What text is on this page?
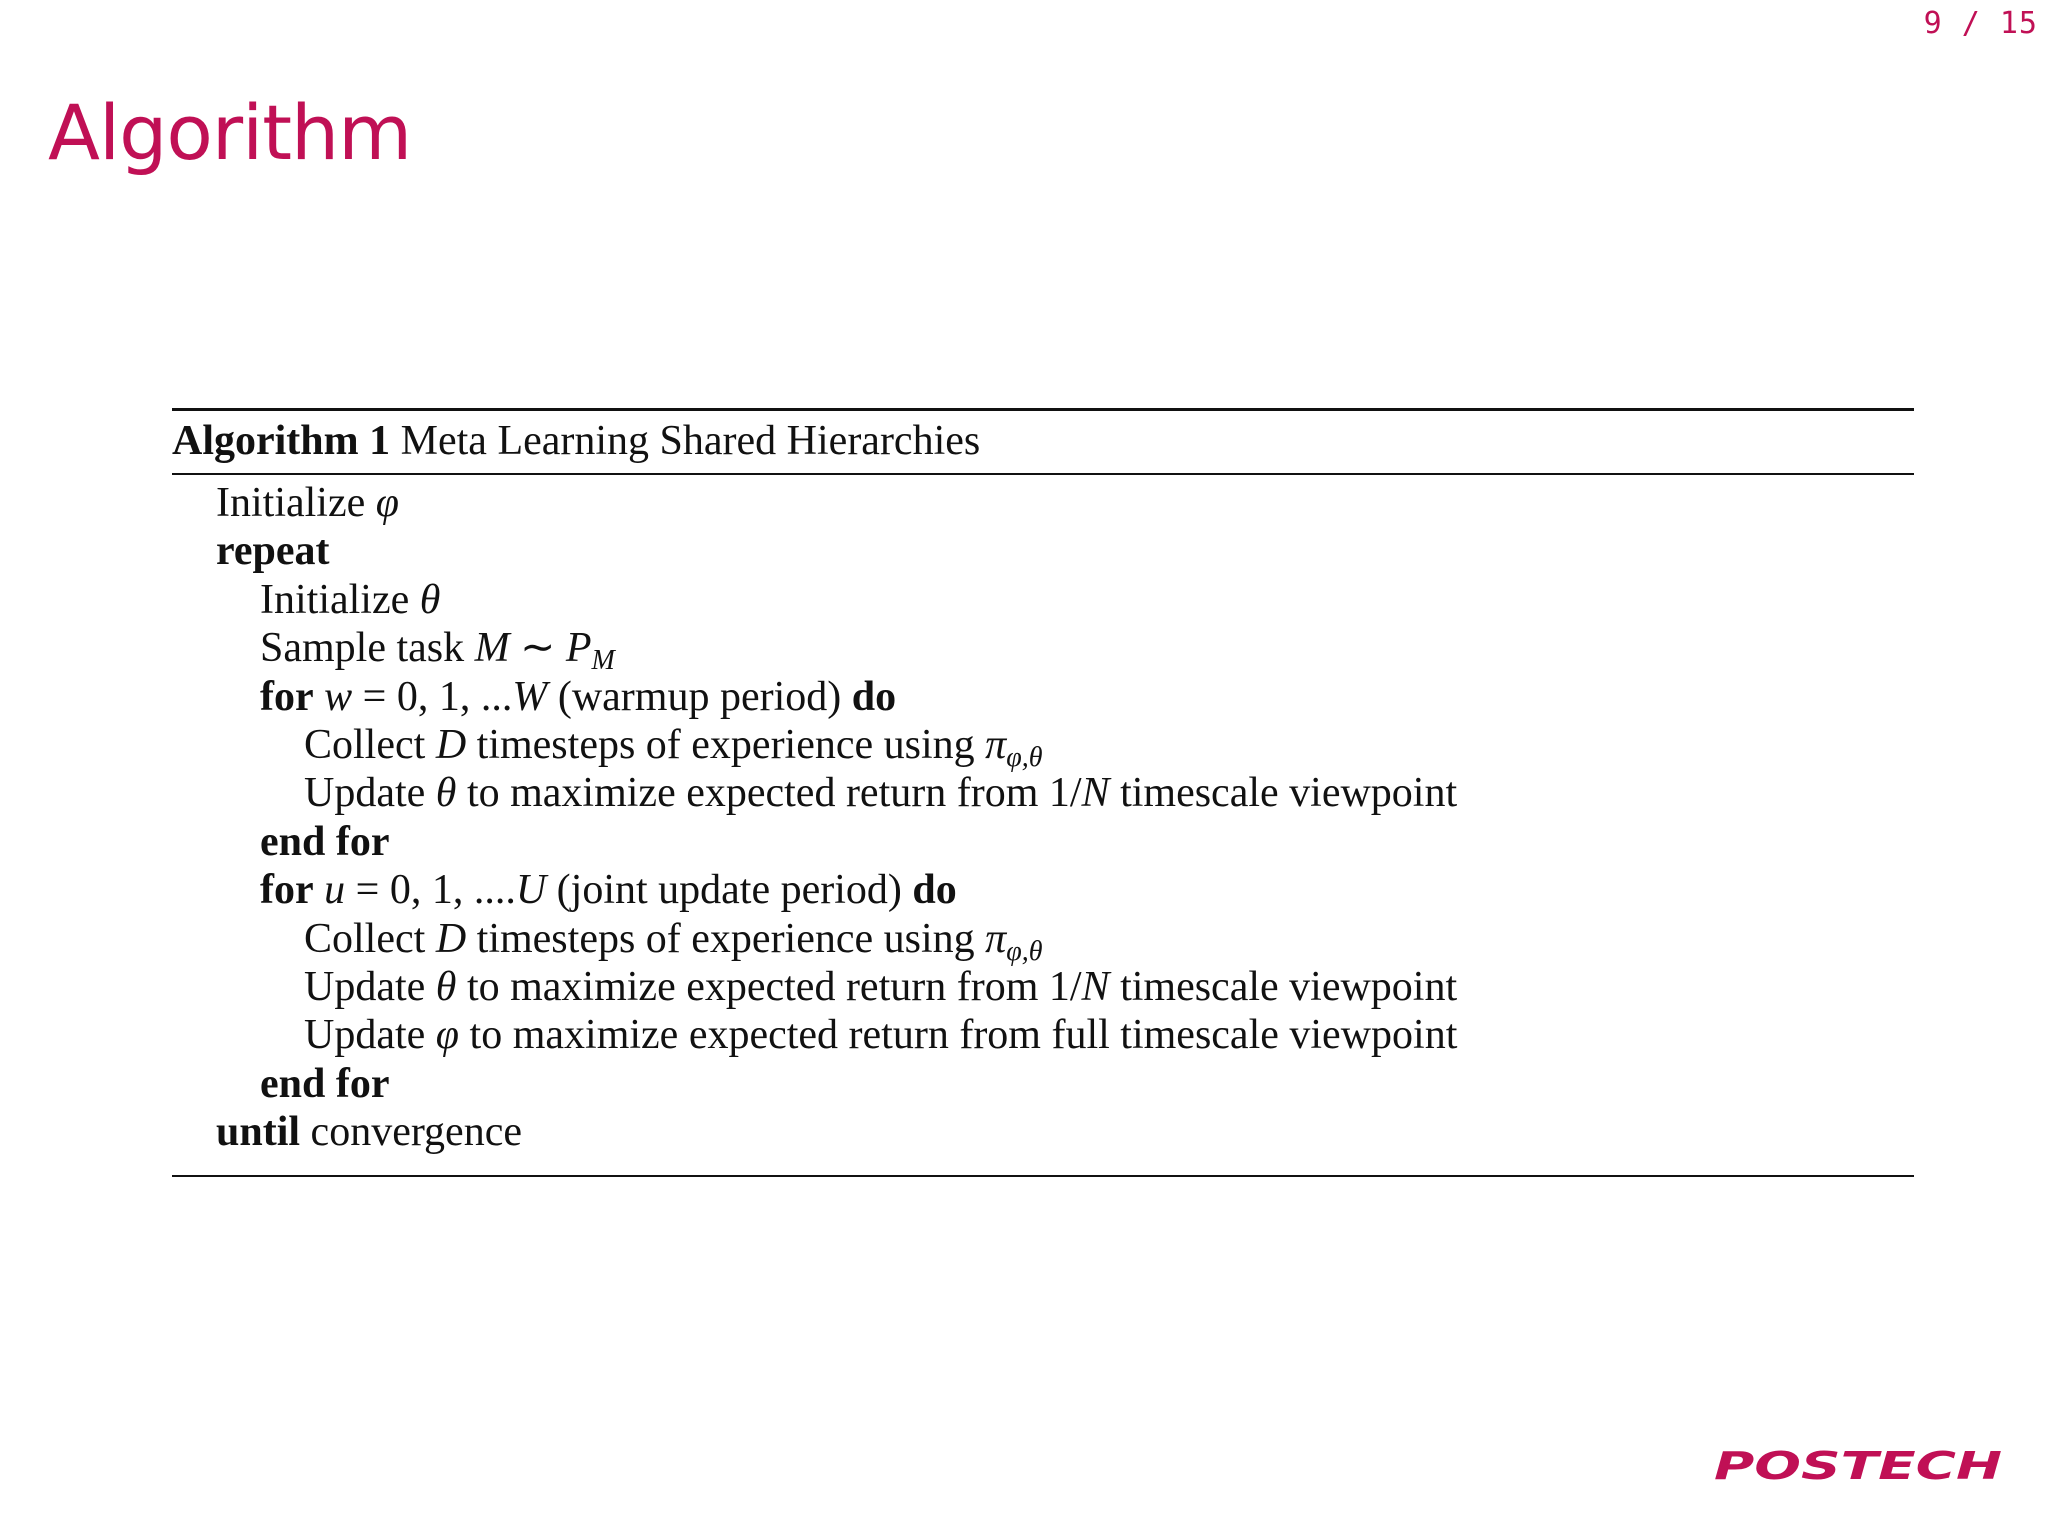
9 / 15
Algorithm
Algorithm 1 Meta Learning Shared Hierarchies
Initialize φ
repeat
Initialize θ
Sample task M ∼ $P_M$
for w = 0, 1, ...W (warmup period) do
Collect D timesteps of experience using $\pi_{\varphi,\theta}$
Update θ to maximize expected return from 1/N timescale viewpoint
end for
for u = 0, 1, ....U (joint update period) do
Collect D timesteps of experience using $\pi_{\varphi,\theta}$
Update θ to maximize expected return from 1/N timescale viewpoint
Update φ to maximize expected return from full timescale viewpoint
end for
until convergence
POSTECH
